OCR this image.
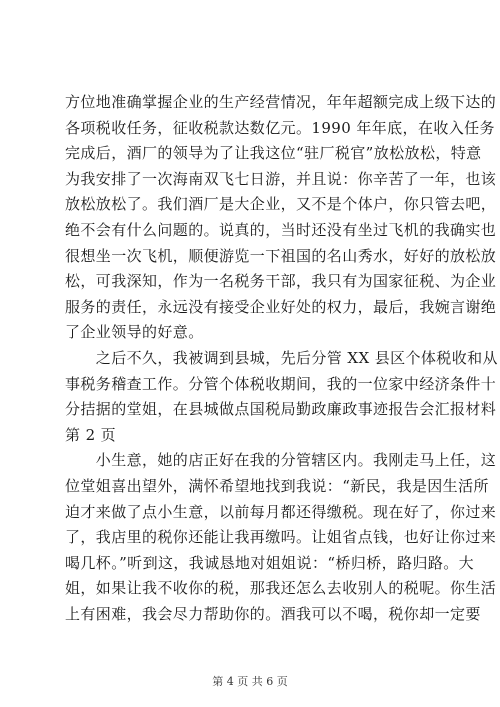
方位地准确掌握企业的生产经营情况，年年超额完成上级下达的
各项税收任务，征收税款达数亿元。1990 年年底，在收入任务
完成后，酒厂的领导为了让我这位“驻厂税官”放松放松，特意
为我安排了一次海南双飞七日游，并且说：你辛苦了一年，也该
放松放松了。我们酒厂是大企业，又不是个体户，你只管去吧，
绝不会有什么问题的。说真的，当时还没有坐过飞机的我确实也
很想坐一次飞机，顺便游览一下祖国的名山秀水，好好的放松放
松，可我深知，作为一名税务干部，我只有为国家征税、为企业
服务的责任，永远没有接受企业好处的权力，最后，我婉言谢绝
了企业领导的好意。
　　之后不久，我被调到县城，先后分管 XX 县区个体税收和从
事税务稽查工作。分管个体税收期间，我的一位家中经济条件十
分拮据的堂姐，在县城做点国税局勤政廉政事迹报告会汇报材料
第 2 页
　　小生意，她的店正好在我的分管辖区内。我刚走马上任，这
位堂姐喜出望外，满怀希望地找到我说：“新民，我是因生活所
迫才来做了点小生意，以前每月都还得缴税。现在好了，你过来
了，我店里的税你还能让我再缴吗。让姐省点钱，也好让你过来
喝几杯。”听到这，我诚恳地对姐姐说：“桥归桥，路归路。大
姐，如果让我不收你的税，那我还怎么去收别人的税呢。你生活
上有困难，我会尽力帮助你的。酒我可以不喝，税你却一定要
第 4 页 共 6 页
